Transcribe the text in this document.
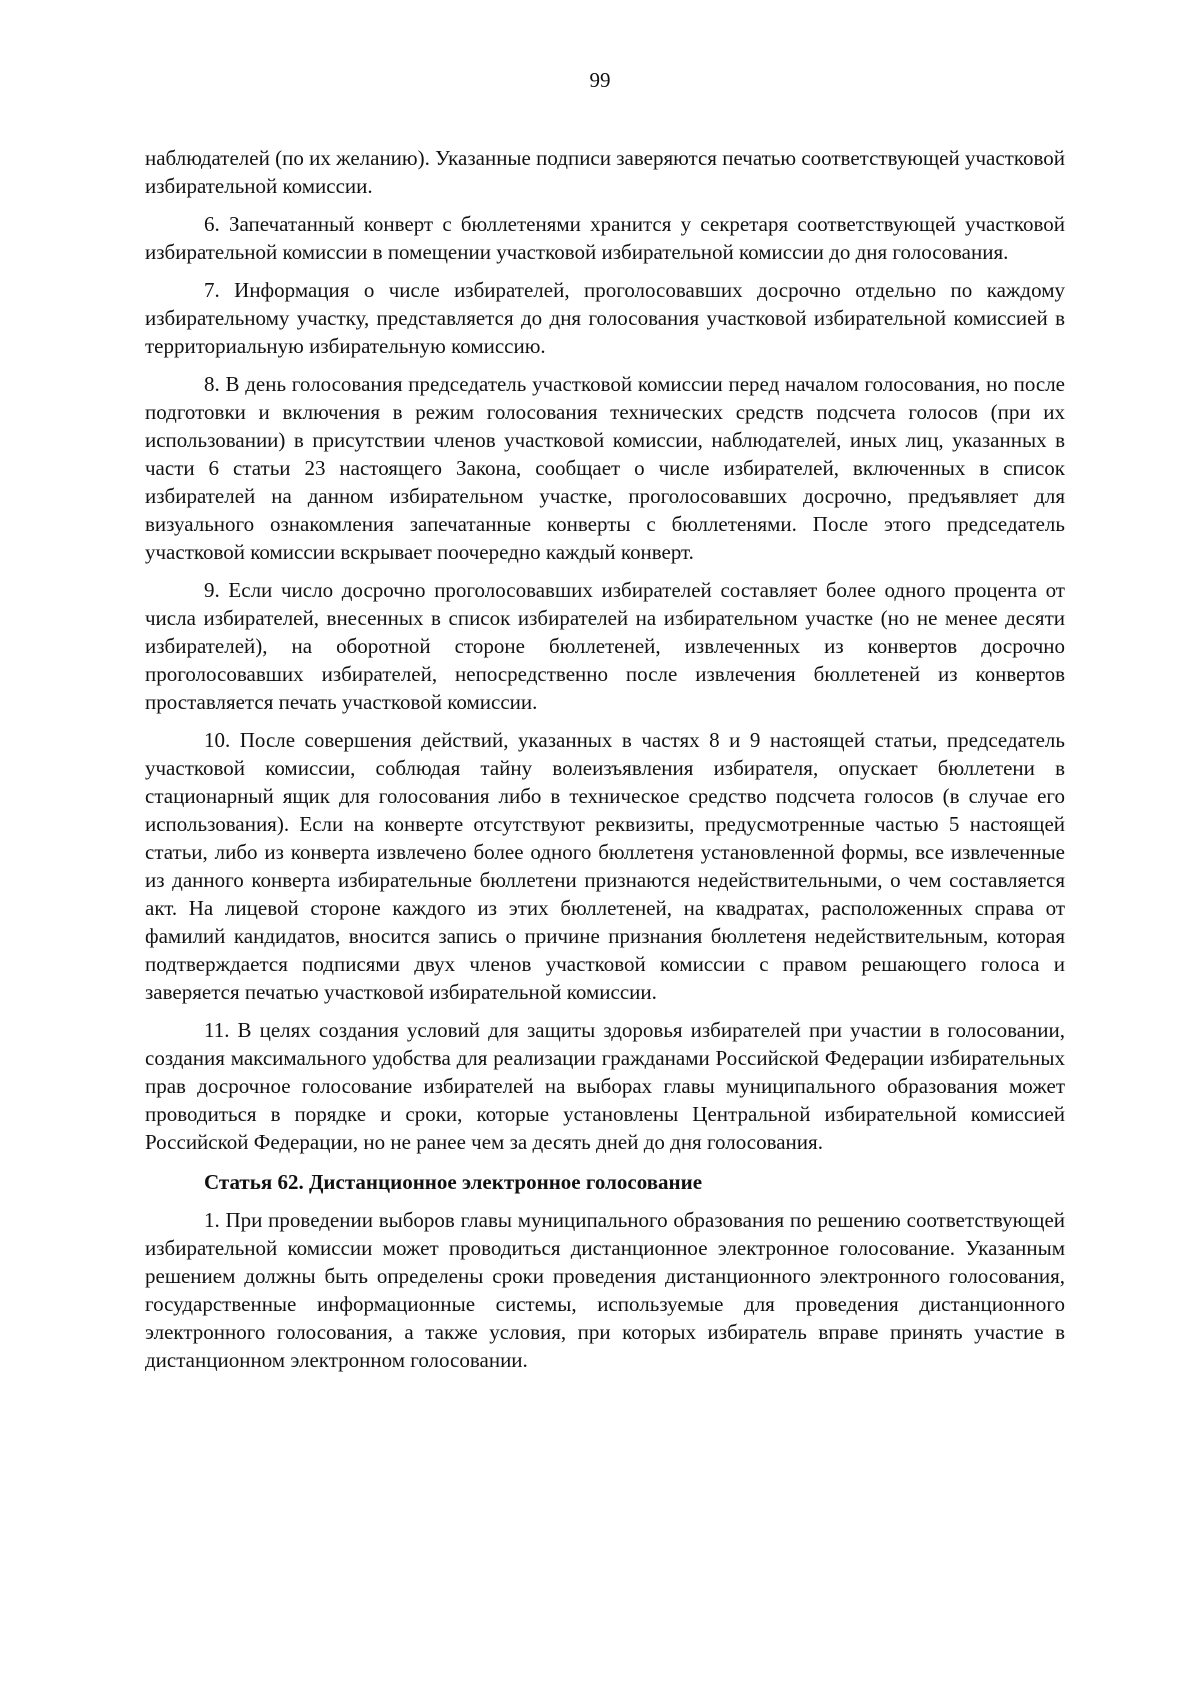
99

наблюдателей (по их желанию). Указанные подписи заверяются печатью соответствующей участковой избирательной комиссии.

6. Запечатанный конверт с бюллетенями хранится у секретаря соответствующей участковой избирательной комиссии в помещении участковой избирательной комиссии до дня голосования.

7. Информация о числе избирателей, проголосовавших досрочно отдельно по каждому избирательному участку, представляется до дня голосования участковой избирательной комиссией в территориальную избирательную комиссию.

8. В день голосования председатель участковой комиссии перед началом голосования, но после подготовки и включения в режим голосования технических средств подсчета голосов (при их использовании) в присутствии членов участковой комиссии, наблюдателей, иных лиц, указанных в части 6 статьи 23 настоящего Закона, сообщает о числе избирателей, включенных в список избирателей на данном избирательном участке, проголосовавших досрочно, предъявляет для визуального ознакомления запечатанные конверты с бюллетенями. После этого председатель участковой комиссии вскрывает поочередно каждый конверт.

9. Если число досрочно проголосовавших избирателей составляет более одного процента от числа избирателей, внесенных в список избирателей на избирательном участке (но не менее десяти избирателей), на оборотной стороне бюллетеней, извлеченных из конвертов досрочно проголосовавших избирателей, непосредственно после извлечения бюллетеней из конвертов проставляется печать участковой комиссии.

10. После совершения действий, указанных в частях 8 и 9 настоящей статьи, председатель участковой комиссии, соблюдая тайну волеизъявления избирателя, опускает бюллетени в стационарный ящик для голосования либо в техническое средство подсчета голосов (в случае его использования). Если на конверте отсутствуют реквизиты, предусмотренные частью 5 настоящей статьи, либо из конверта извлечено более одного бюллетеня установленной формы, все извлеченные из данного конверта избирательные бюллетени признаются недействительными, о чем составляется акт. На лицевой стороне каждого из этих бюллетеней, на квадратах, расположенных справа от фамилий кандидатов, вносится запись о причине признания бюллетеня недействительным, которая подтверждается подписями двух членов участковой комиссии с правом решающего голоса и заверяется печатью участковой избирательной комиссии.

11. В целях создания условий для защиты здоровья избирателей при участии в голосовании, создания максимального удобства для реализации гражданами Российской Федерации избирательных прав досрочное голосование избирателей на выборах главы муниципального образования может проводиться в порядке и сроки, которые установлены Центральной избирательной комиссией Российской Федерации, но не ранее чем за десять дней до дня голосования.

Статья 62. Дистанционное электронное голосование

1. При проведении выборов главы муниципального образования по решению соответствующей избирательной комиссии может проводиться дистанционное электронное голосование. Указанным решением должны быть определены сроки проведения дистанционного электронного голосования, государственные информационные системы, используемые для проведения дистанционного электронного голосования, а также условия, при которых избиратель вправе принять участие в дистанционном электронном голосовании.
